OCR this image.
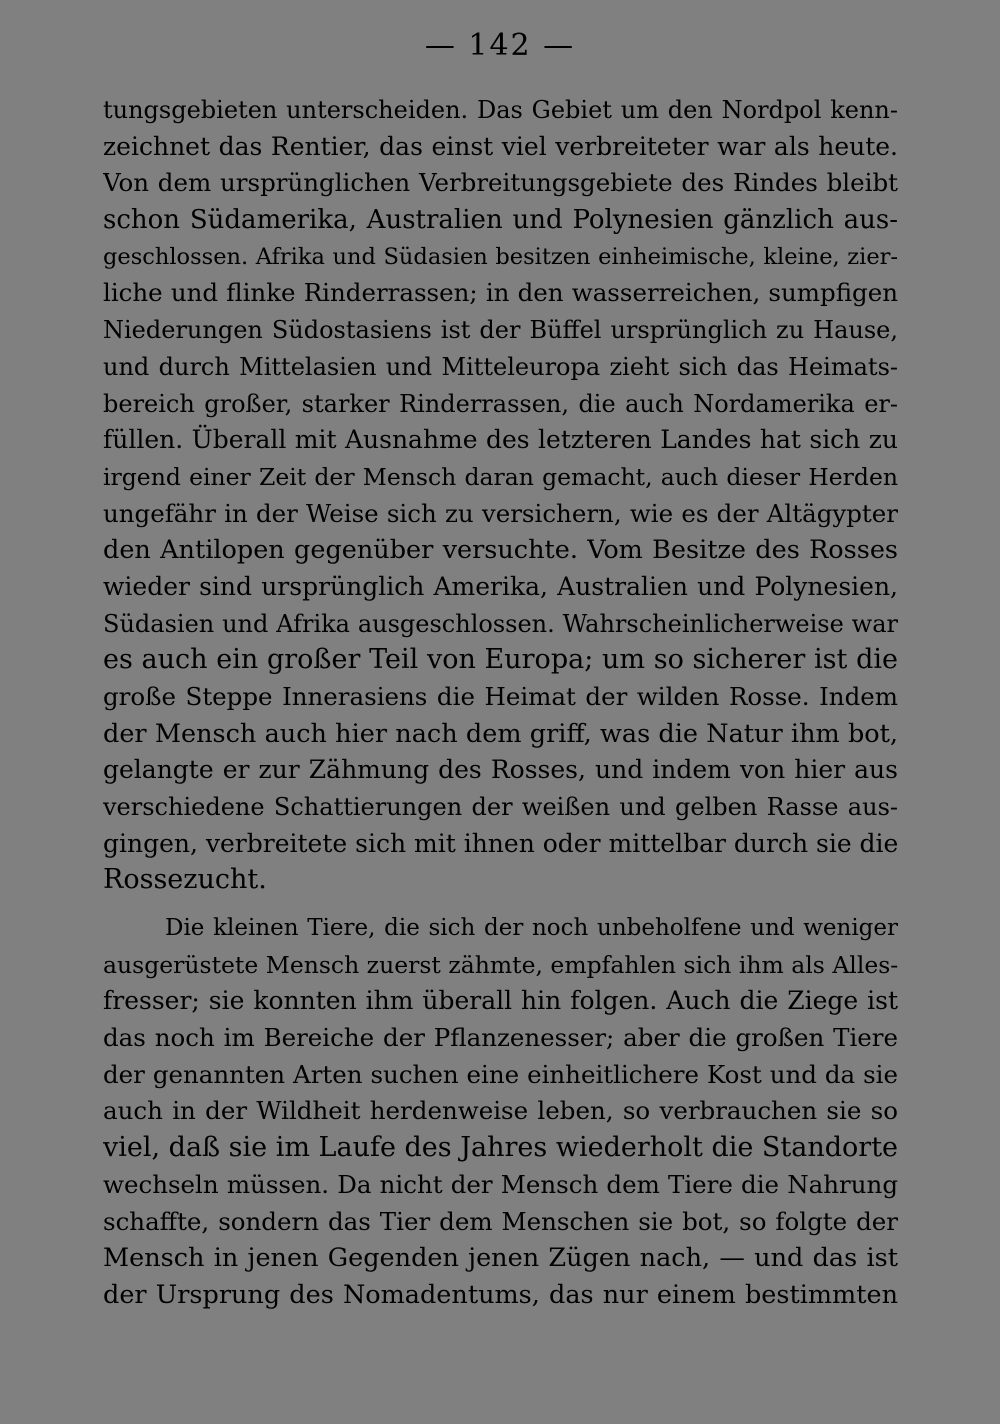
— 142 —
tungsgebieten unterscheiden. Das Gebiet um den Nordpol kenn-
zeichnet das Rentier, das einst viel verbreiteter war als heute.
Von dem ursprünglichen Verbreitungsgebiete des Rindes bleibt
schon Südamerika, Australien und Polynesien gänzlich aus-
geschlossen. Afrika und Südasien besitzen einheimische, kleine, zier-
liche und flinke Rinderrassen; in den wasserreichen, sumpfigen
Niederungen Südostasiens ist der Büffel ursprünglich zu Hause,
und durch Mittelasien und Mitteleuropa zieht sich das Heimats-
bereich großer, starker Rinderrassen, die auch Nordamerika er-
füllen. Überall mit Ausnahme des letzteren Landes hat sich zu
irgend einer Zeit der Mensch daran gemacht, auch dieser Herden
ungefähr in der Weise sich zu versichern, wie es der Altägypter
den Antilopen gegenüber versuchte. Vom Besitze des Rosses
wieder sind ursprünglich Amerika, Australien und Polynesien,
Südasien und Afrika ausgeschlossen. Wahrscheinlicherweise war
es auch ein großer Teil von Europa; um so sicherer ist die
große Steppe Innerasiens die Heimat der wilden Rosse. Indem
der Mensch auch hier nach dem griff, was die Natur ihm bot,
gelangte er zur Zähmung des Rosses, und indem von hier aus
verschiedene Schattierungen der weißen und gelben Rasse aus-
gingen, verbreitete sich mit ihnen oder mittelbar durch sie die
Rossezucht.
Die kleinen Tiere, die sich der noch unbeholfene und weniger
ausgerüstete Mensch zuerst zähmte, empfahlen sich ihm als Alles-
fresser; sie konnten ihm überall hin folgen. Auch die Ziege ist
das noch im Bereiche der Pflanzenesser; aber die großen Tiere
der genannten Arten suchen eine einheitlichere Kost und da sie
auch in der Wildheit herdenweise leben, so verbrauchen sie so
viel, daß sie im Laufe des Jahres wiederholt die Standorte
wechseln müssen. Da nicht der Mensch dem Tiere die Nahrung
schaffte, sondern das Tier dem Menschen sie bot, so folgte der
Mensch in jenen Gegenden jenen Zügen nach, — und das ist
der Ursprung des Nomadentums, das nur einem bestimmten
